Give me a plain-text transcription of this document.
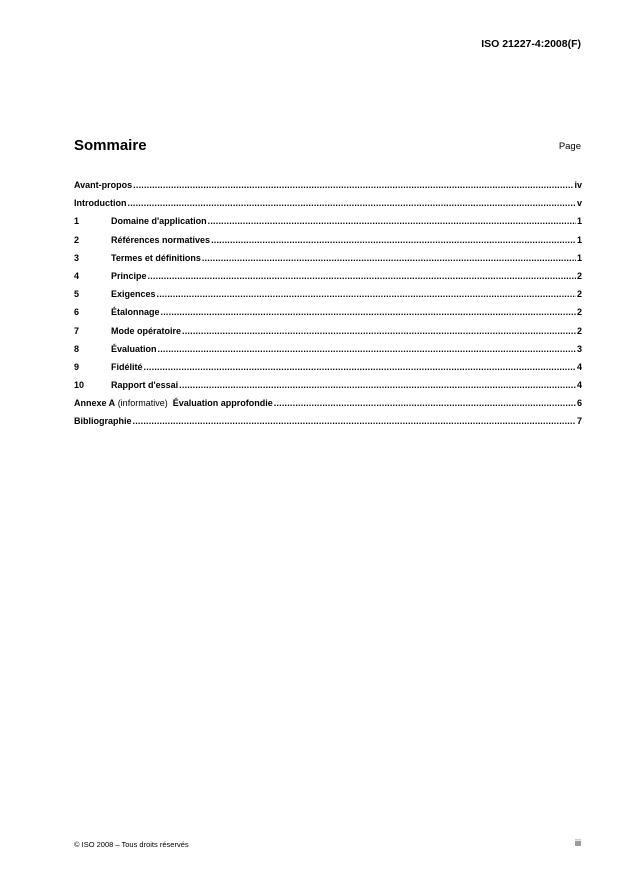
ISO 21227-4:2008(F)
Sommaire	Page
Avant-propos .....	iv
Introduction .....	v
1	Domaine d'application .....	1
2	Références normatives .....	1
3	Termes et définitions .....	1
4	Principe .....	2
5	Exigences .....	2
6	Étalonnage .....	2
7	Mode opératoire .....	2
8	Évaluation .....	3
9	Fidélité .....	4
10	Rapport d'essai .....	4
Annexe A (informative)  Évaluation approfondie .....	6
Bibliographie .....	7
© ISO 2008 – Tous droits réservés	iii
